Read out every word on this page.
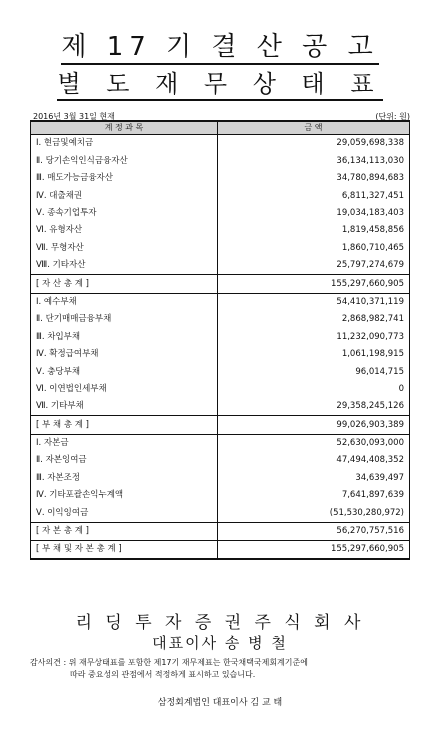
제 17 기 결 산 공 고
별 도 재 무 상 태 표
2016년 3월 31일 현재	(단위: 원)
계 정 과 목	금 액
Ⅰ. 현금및예치금	29,059,698,338
Ⅱ. 당기손익인식금융자산	36,134,113,030
Ⅲ. 매도가능금융자산	34,780,894,683
Ⅳ. 대출채권	6,811,327,451
Ⅴ. 종속기업투자	19,034,183,403
Ⅵ. 유형자산	1,819,458,856
Ⅶ. 무형자산	1,860,710,465
Ⅷ. 기타자산	25,797,274,679
[ 자 산 총 계 ]	155,297,660,905
Ⅰ. 예수부채	54,410,371,119
Ⅱ. 단기매매금융부채	2,868,982,741
Ⅲ. 차입부채	11,232,090,773
Ⅳ. 확정급여부채	1,061,198,915
Ⅴ. 충당부채	96,014,715
Ⅵ. 이연법인세부채	0
Ⅶ. 기타부채	29,358,245,126
[ 부 채 총 계 ]	99,026,903,389
Ⅰ. 자본금	52,630,093,000
Ⅱ. 자본잉여금	47,494,408,352
Ⅲ. 자본조정	34,639,497
Ⅳ. 기타포괄손익누계액	7,641,897,639
Ⅴ. 이익잉여금	(51,530,280,972)
[ 자 본 총 계 ]	56,270,757,516
[ 부 채 및 자 본 총 계 ]	155,297,660,905
리 딩 투 자 증 권 주 식 회 사
대표이사 송 병 철
감사의견 : 위 재무상태표를 포함한 제17기 재무제표는 한국채택국제회계기준에
따라 중요성의 관점에서 적정하게 표시하고 있습니다.
삼정회계법인 대표이사 김 교 태
